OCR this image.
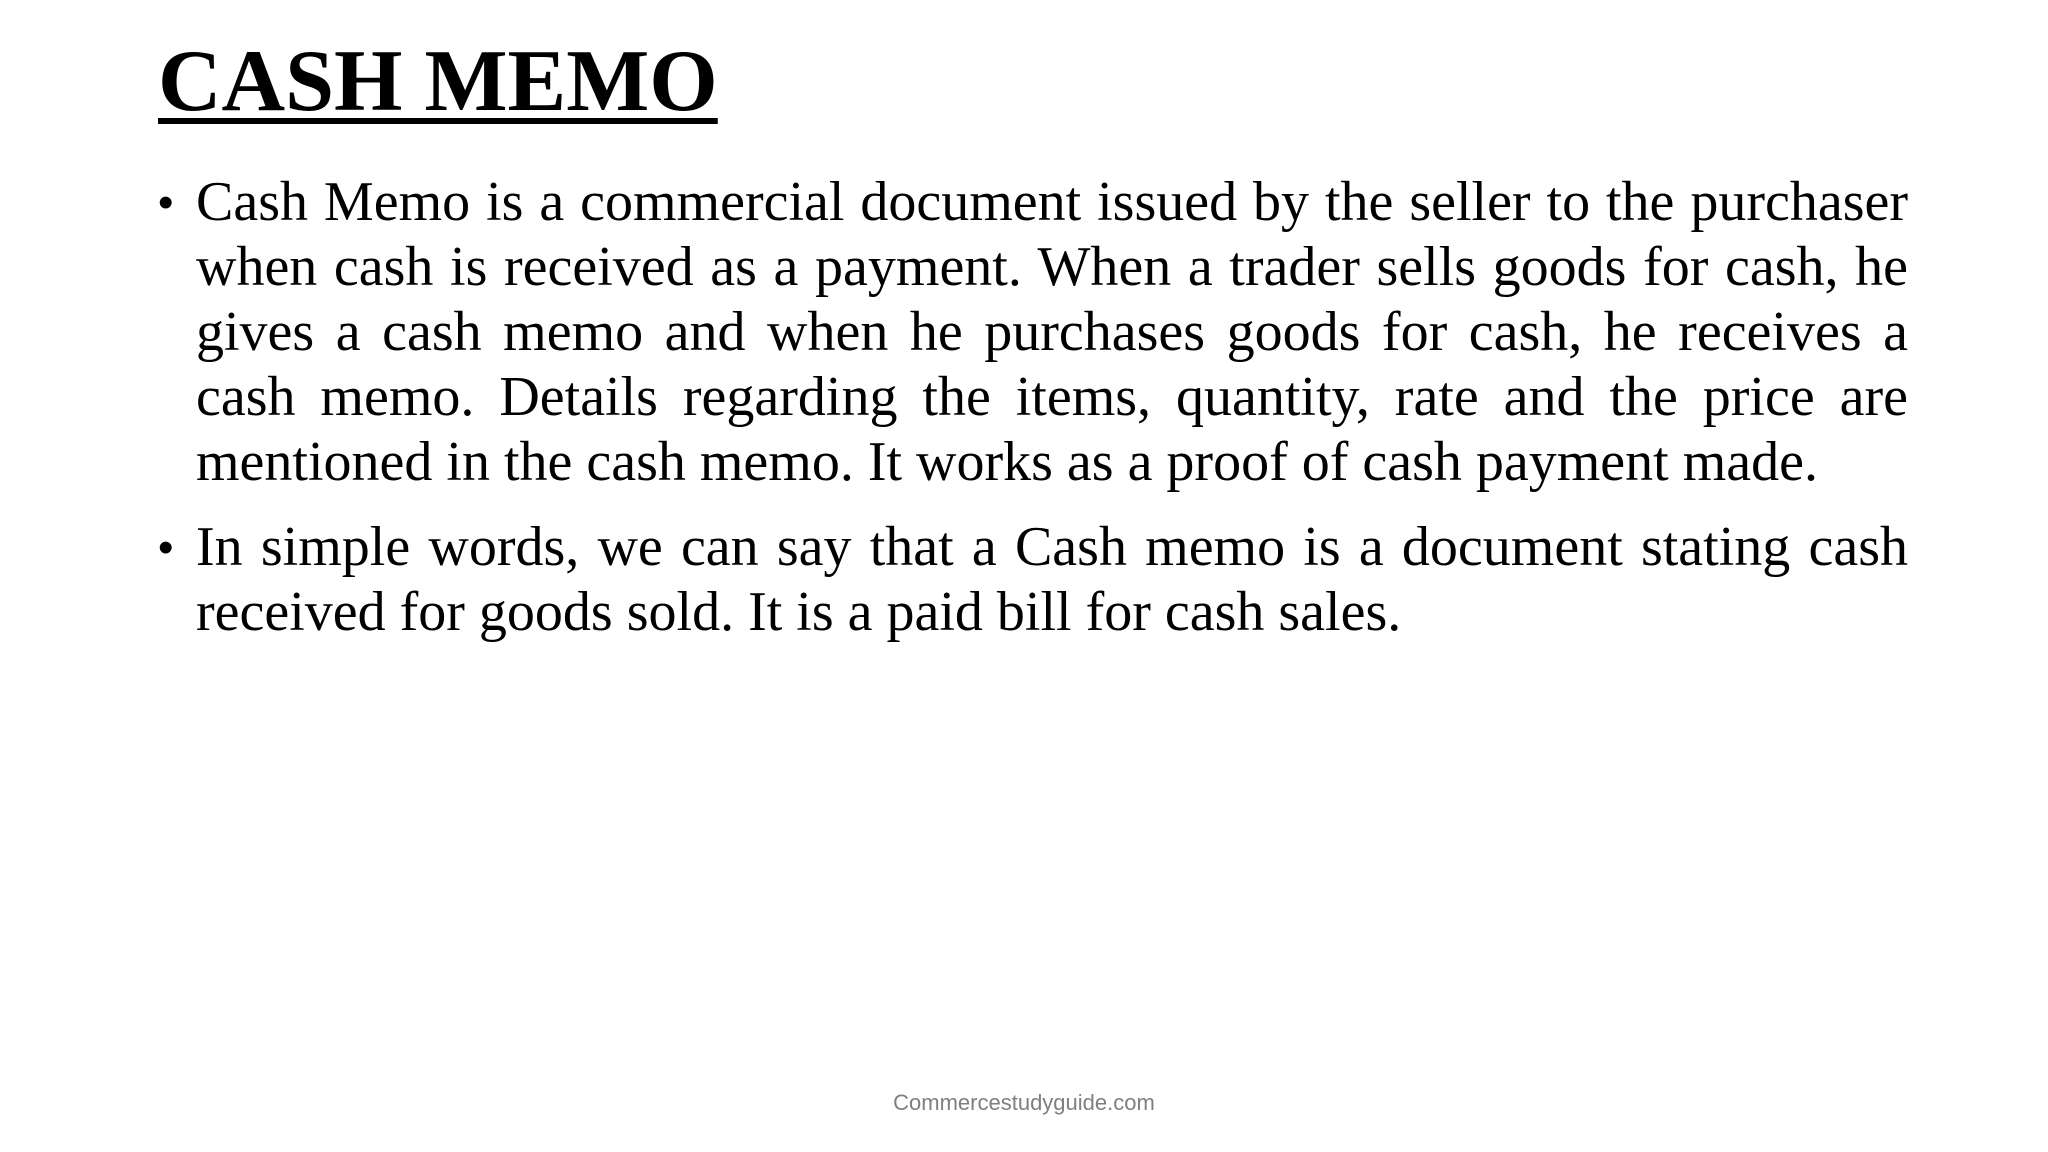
CASH MEMO
• Cash Memo is a commercial document issued by the seller to the purchaser when cash is received as a payment. When a trader sells goods for cash, he gives a cash memo and when he purchases goods for cash, he receives a cash memo. Details regarding the items, quantity, rate and the price are mentioned in the cash memo. It works as a proof of cash payment made.
• In simple words, we can say that a Cash memo is a document stating cash received for goods sold. It is a paid bill for cash sales.
Commercestudyguide.com
